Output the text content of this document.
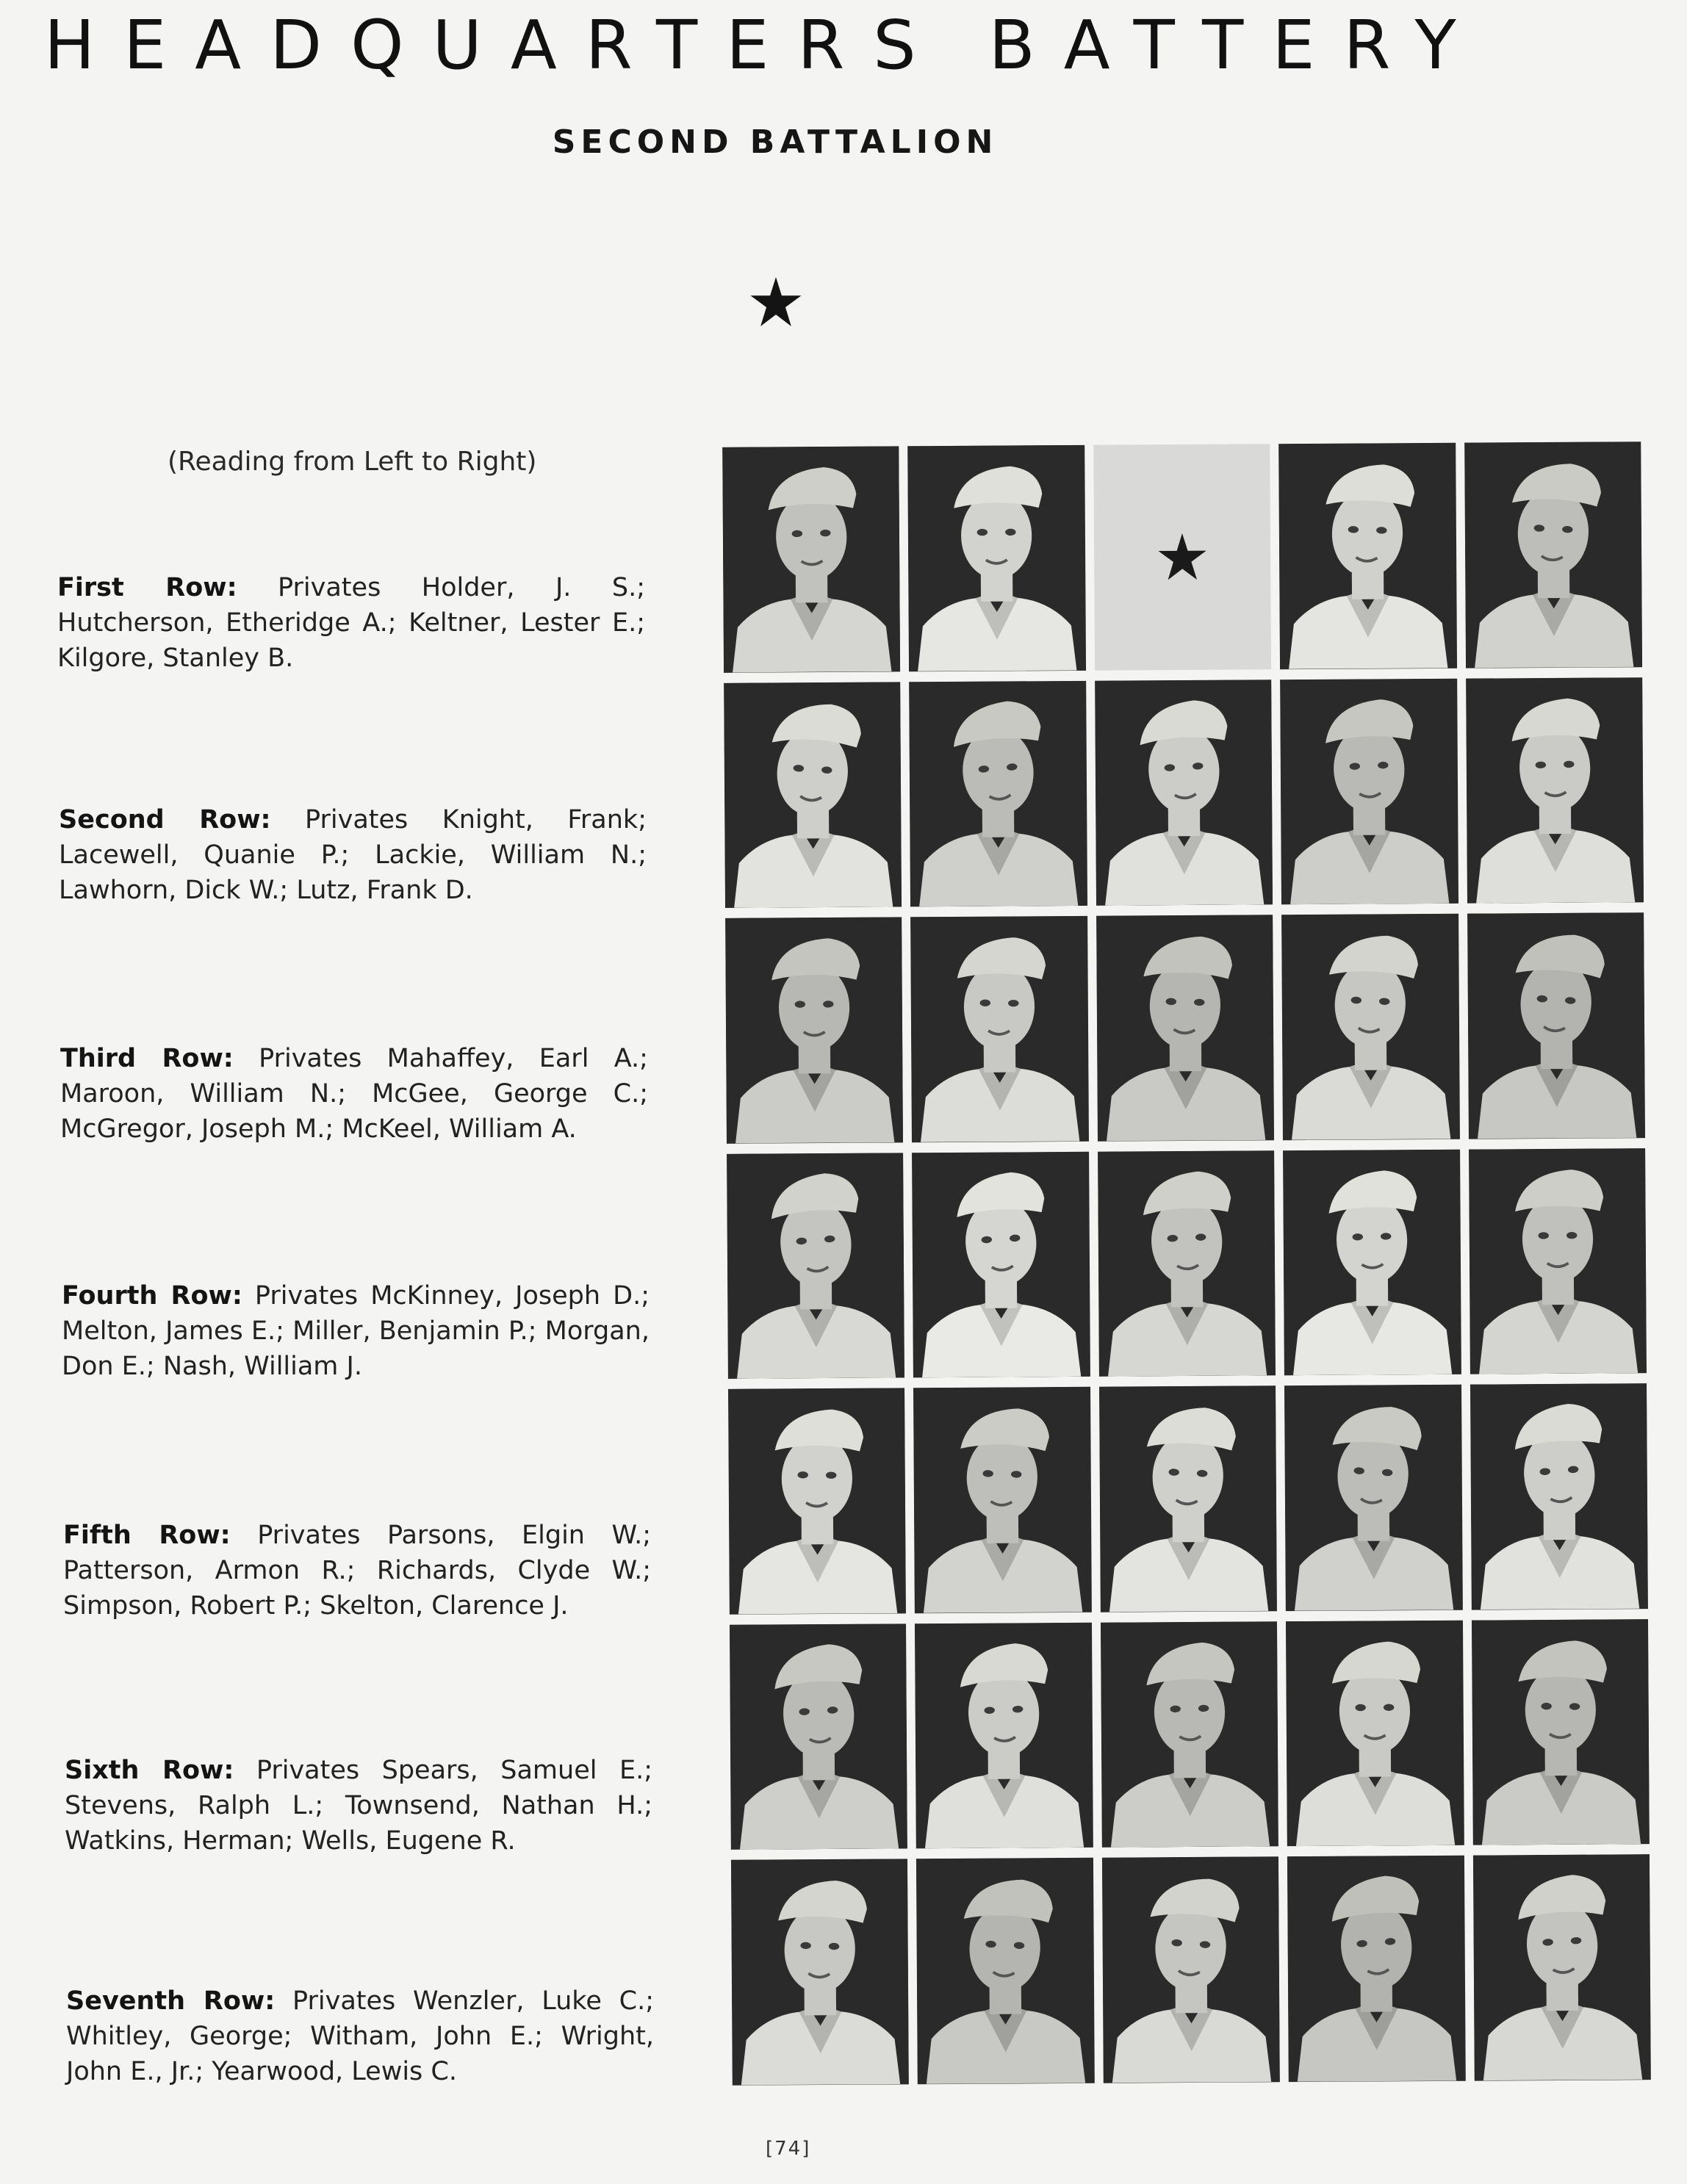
HEADQUARTERS BATTERY
SECOND BATTALION
(Reading from Left to Right)

First Row: Privates Holder, J. S.; Hutcherson, Etheridge A.; Keltner, Lester E.; Kilgore, Stanley B.

Second Row: Privates Knight, Frank; Lacewell, Quanie P.; Lackie, William N.; Lawhorn, Dick W.; Lutz, Frank D.

Third Row: Privates Mahaffey, Earl A.; Maroon, William N.; McGee, George C.; McGregor, Joseph M.; McKeel, William A.

Fourth Row: Privates McKinney, Joseph D.; Melton, James E.; Miller, Benjamin P.; Morgan, Don E.; Nash, William J.

Fifth Row: Privates Parsons, Elgin W.; Patterson, Armon R.; Richards, Clyde W.; Simpson, Robert P.; Skelton, Clarence J.

Sixth Row: Privates Spears, Samuel E.; Stevens, Ralph L.; Townsend, Nathan H.; Watkins, Herman; Wells, Eugene R.

Seventh Row: Privates Wenzler, Luke C.; Whitley, George; Witham, John E.; Wright, John E., Jr.; Yearwood, Lewis C.

[74]
